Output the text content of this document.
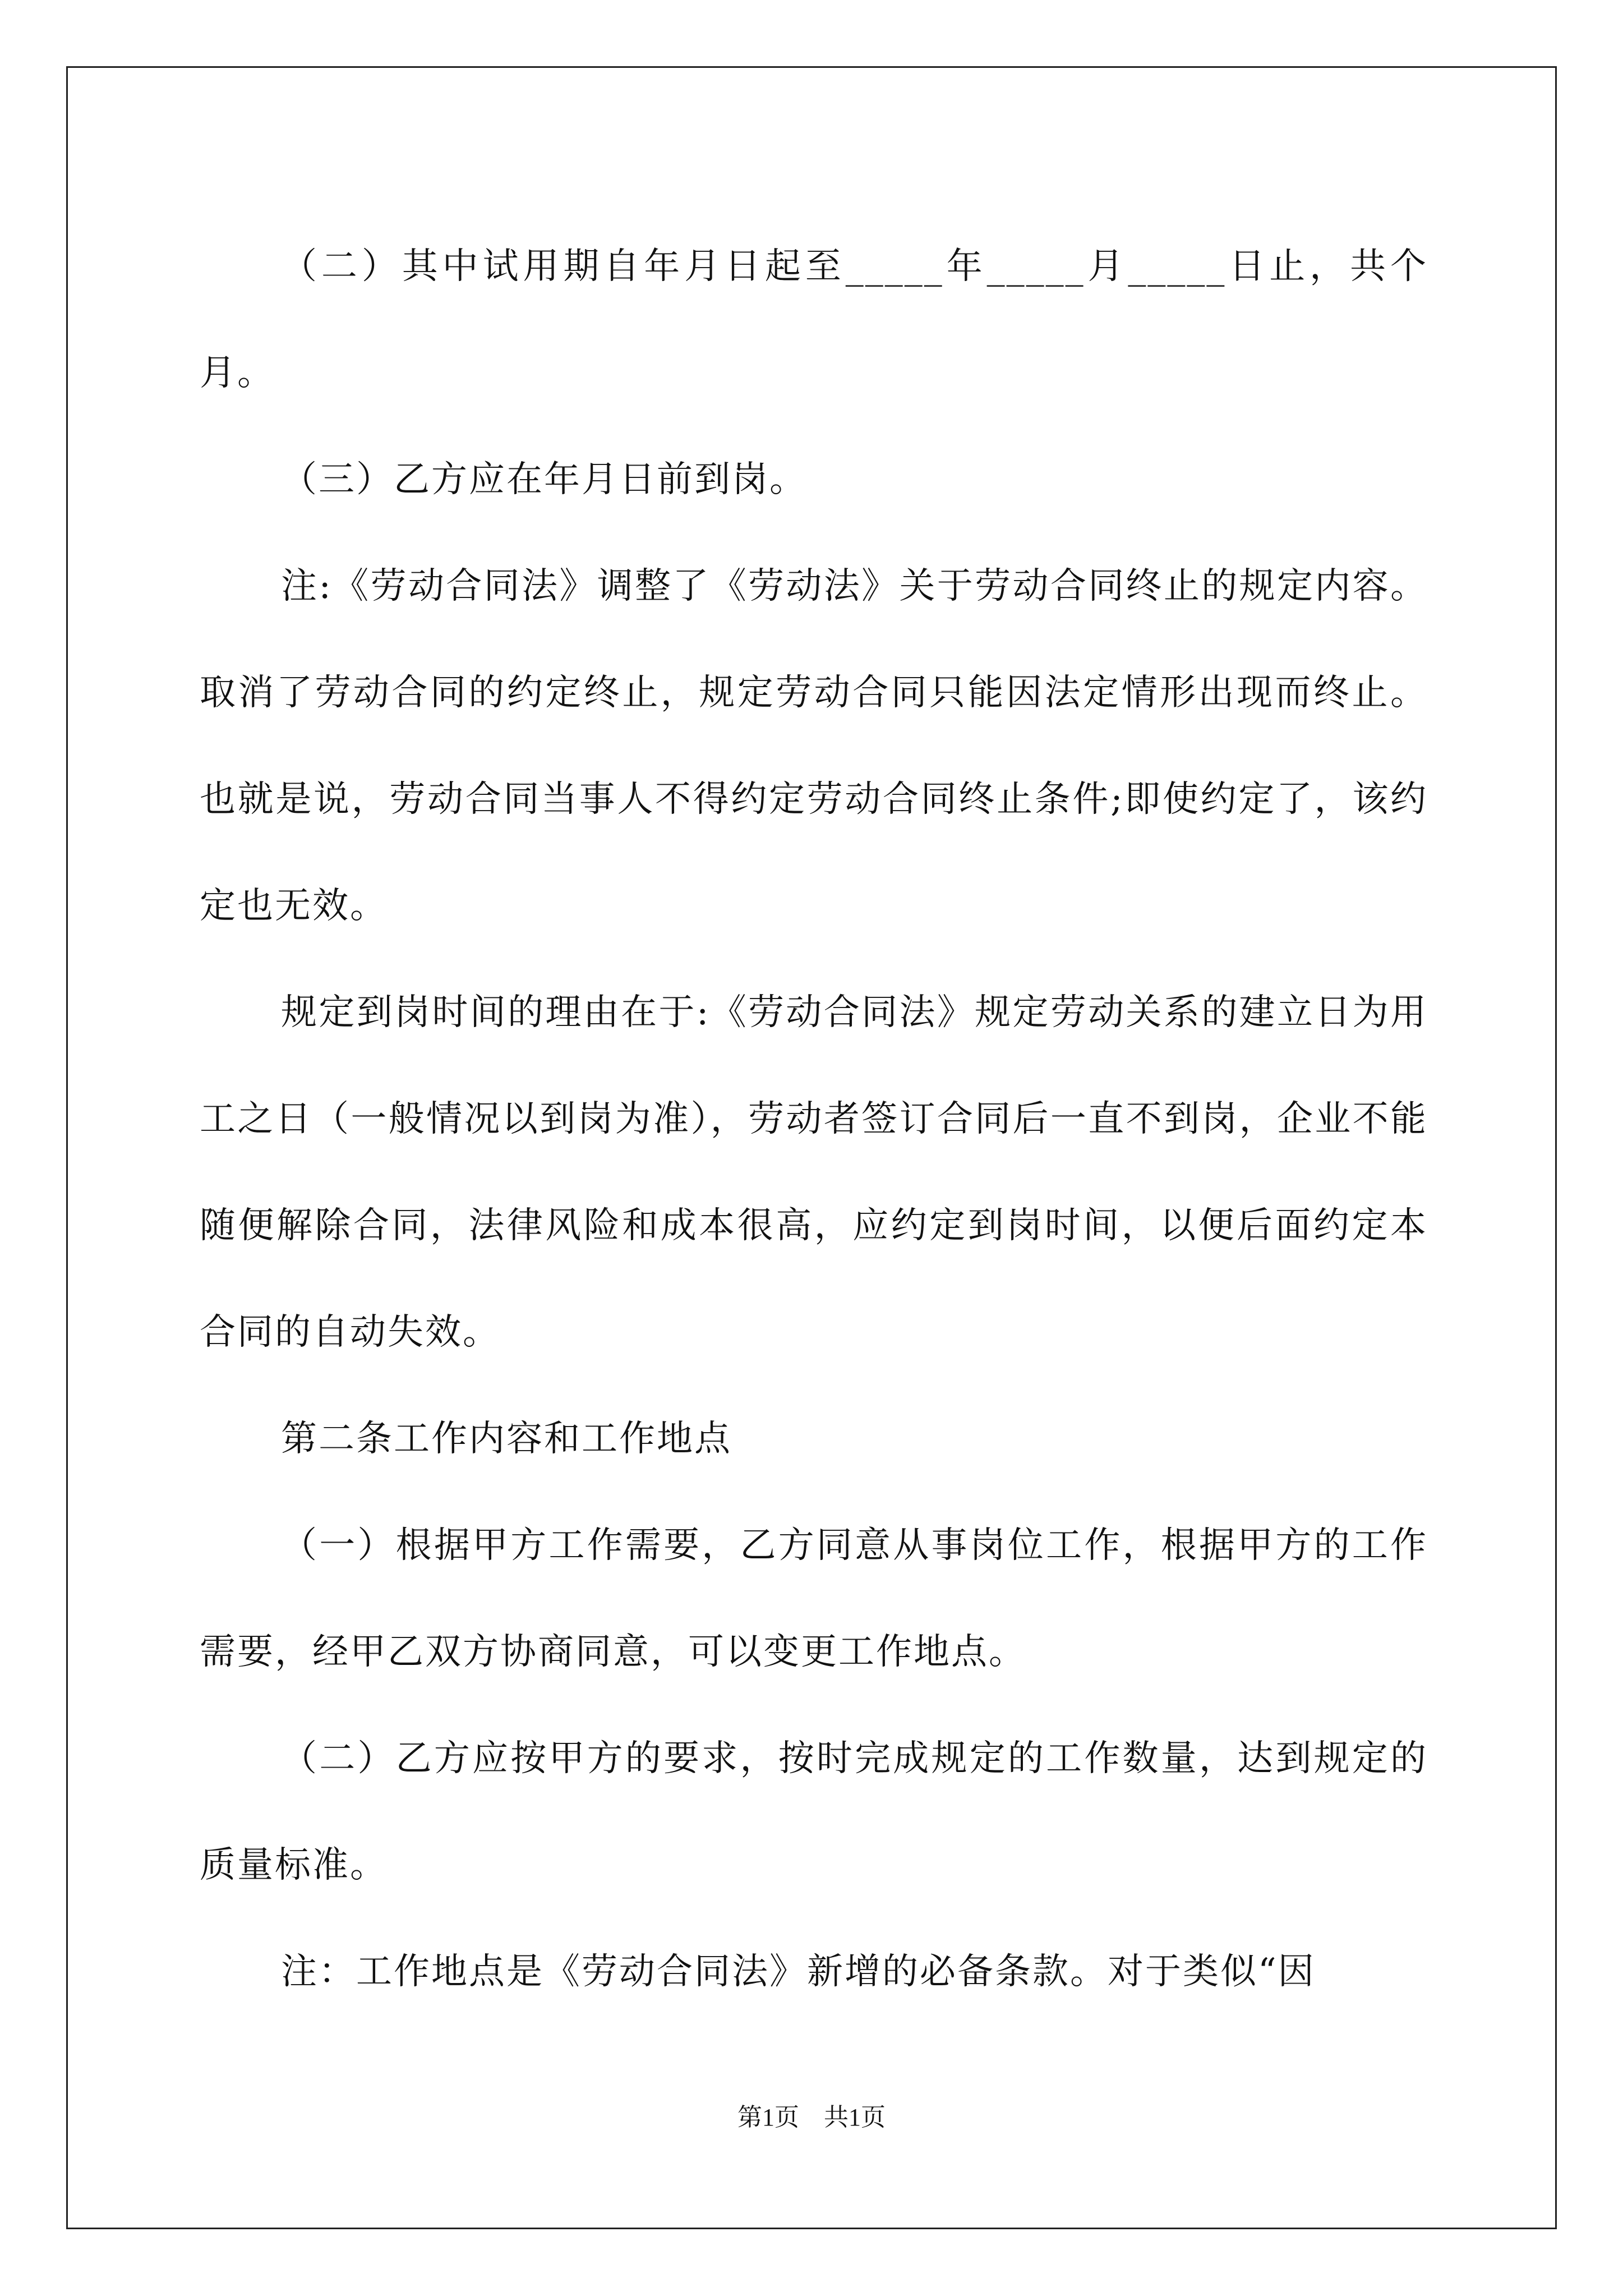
（二）其中试用期自年月日起至_____年_____月_____日止，共个月。

（三）乙方应在年月日前到岗。

注:《劳动合同法》调整了《劳动法》关于劳动合同终止的规定内容。取消了劳动合同的约定终止，规定劳动合同只能因法定情形出现而终止。也就是说，劳动合同当事人不得约定劳动合同终止条件;即使约定了，该约定也无效。

规定到岗时间的理由在于:《劳动合同法》规定劳动关系的建立日为用工之日（一般情况以到岗为准），劳动者签订合同后一直不到岗，企业不能随便解除合同，法律风险和成本很高，应约定到岗时间，以便后面约定本合同的自动失效。

第二条工作内容和工作地点

（一）根据甲方工作需要，乙方同意从事岗位工作，根据甲方的工作需要，经甲乙双方协商同意，可以变更工作地点。

（二）乙方应按甲方的要求，按时完成规定的工作数量，达到规定的质量标准。

注：工作地点是《劳动合同法》新增的必备条款。对于类似“因

第1页　共1页
